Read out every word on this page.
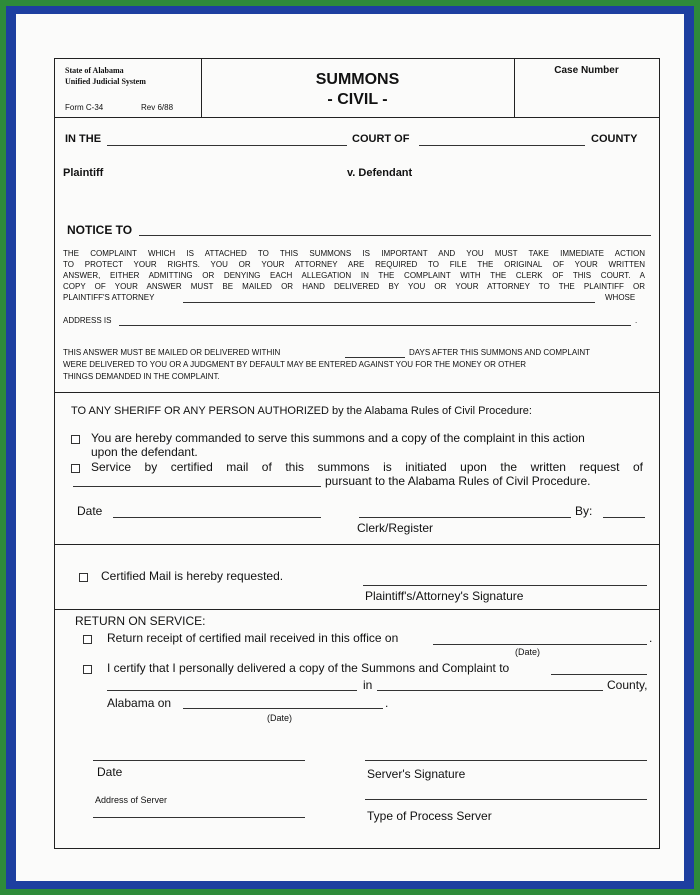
State of Alabama
Unified Judicial System
Form C-34	Rev 6/88
SUMMONS
- CIVIL -
Case Number
IN THE	COURT OF	COUNTY
Plaintiff	v. Defendant
NOTICE TO
THE COMPLAINT WHICH IS ATTACHED TO THIS SUMMONS IS IMPORTANT AND YOU MUST TAKE IMMEDIATE ACTION
TO PROTECT YOUR RIGHTS. YOU OR YOUR ATTORNEY ARE REQUIRED TO FILE THE ORIGINAL OF YOUR WRITTEN
ANSWER, EITHER ADMITTING OR DENYING EACH ALLEGATION IN THE COMPLAINT WITH THE CLERK OF THIS COURT. A
COPY OF YOUR ANSWER MUST BE MAILED OR HAND DELIVERED BY YOU OR YOUR ATTORNEY TO THE PLAINTIFF OR
PLAINTIFF'S ATTORNEY	WHOSE
ADDRESS IS	.
THIS ANSWER MUST BE MAILED OR DELIVERED WITHIN	DAYS AFTER THIS SUMMONS AND COMPLAINT
WERE DELIVERED TO YOU OR A JUDGMENT BY DEFAULT MAY BE ENTERED AGAINST YOU FOR THE MONEY OR OTHER
THINGS DEMANDED IN THE COMPLAINT.
TO ANY SHERIFF OR ANY PERSON AUTHORIZED by the Alabama Rules of Civil Procedure:
You are hereby commanded to serve this summons and a copy of the complaint in this action
upon the defendant.
Service by certified mail of this summons is initiated upon the written request of
pursuant to the Alabama Rules of Civil Procedure.
Date	By:
Clerk/Register
Certified Mail is hereby requested.
Plaintiff's/Attorney's Signature
RETURN ON SERVICE:
Return receipt of certified mail received in this office on	.
(Date)
I certify that I personally delivered a copy of the Summons and Complaint to
in	County,
Alabama on	.
(Date)
Date	Server's Signature
Address of Server
Type of Process Server
